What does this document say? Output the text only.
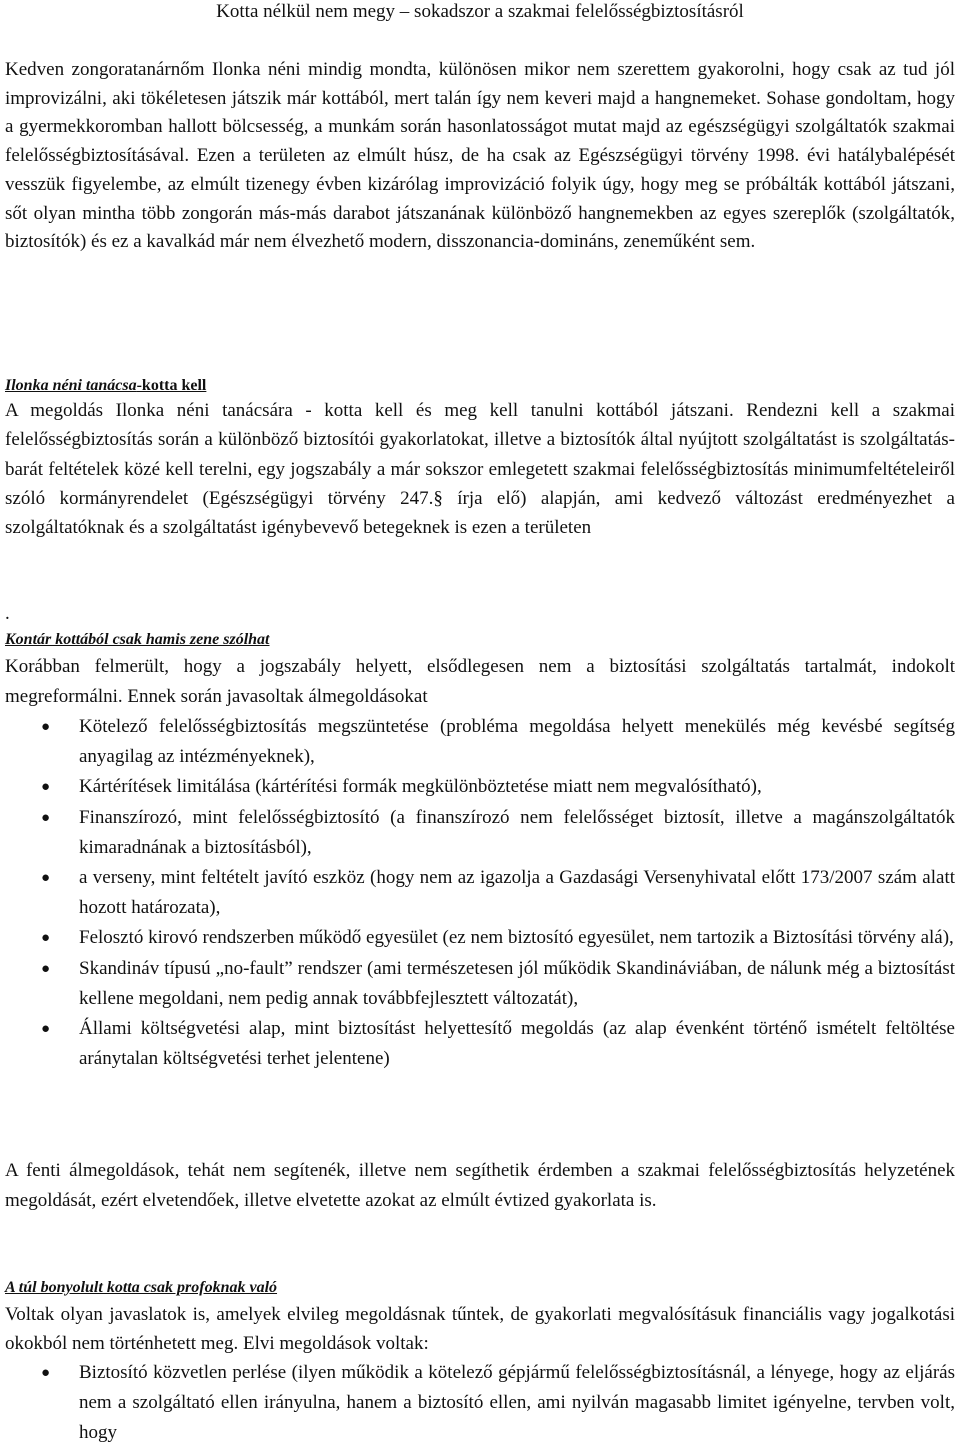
Kotta nélkül nem megy – sokadszor a szakmai felelősségbiztosításról

Kedven zongoratanárnőm Ilonka néni mindig mondta, különösen mikor nem szerettem gyakorolni, hogy csak az tud jól improvizálni, aki tökéletesen játszik már kottából, mert talán így nem keveri majd a hangnemeket. Sohase gondoltam, hogy a gyermekkoromban hallott bölcsesség, a munkám során hasonlatosságot mutat majd az egészségügyi szolgáltatók szakmai felelősségbiztosításával. Ezen a területen az elmúlt húsz, de ha csak az Egészségügyi törvény 1998. évi hatálybalépését vesszük figyelembe, az elmúlt tizenegy évben kizárólag improvizáció folyik úgy, hogy meg se próbálták kottából játszani, sőt olyan mintha több zongorán más-más darabot játszanának különböző hangnemekben az egyes szereplők (szolgáltatók, biztosítók) és ez a kavalkád már nem élvezhető modern, disszonancia-domináns, zeneműként sem.

Ilonka néni tanácsa-kotta kell

A megoldás Ilonka néni tanácsára - kotta kell és meg kell tanulni kottából játszani. Rendezni kell a szakmai felelősségbiztosítás során a különböző biztosítói gyakorlatokat, illetve a biztosítók által nyújtott szolgáltatást is szolgáltatás-barát feltételek közé kell terelni, egy jogszabály a már sokszor emlegetett szakmai felelősségbiztosítás minimumfeltételeiről szóló kormányrendelet (Egészségügyi törvény 247.§ írja elő) alapján, ami kedvező változást eredményezhet a szolgáltatóknak és a szolgáltatást igénybevevő betegeknek is ezen a területen

.
Kontár kottából csak hamis zene szólhat

Korábban felmerült, hogy a jogszabály helyett, elsődlegesen nem a biztosítási szolgáltatás tartalmát, indokolt megreformálni. Ennek során javasoltak álmegoldásokat

● Kötelező felelősségbiztosítás megszüntetése (probléma megoldása helyett menekülés még kevésbé segítség anyagilag az intézményeknek),
● Kártérítések limitálása (kártérítési formák megkülönböztetése miatt nem megvalósítható),
● Finanszírozó, mint felelősségbiztosító (a finanszírozó nem felelősséget biztosít, illetve a magánszolgáltatók kimaradnának a biztosításból),
● a verseny, mint feltételt javító eszköz (hogy nem az igazolja a Gazdasági Versenyhivatal előtt 173/2007 szám alatt hozott határozata),
● Felosztó kirovó rendszerben működő egyesület (ez nem biztosító egyesület, nem tartozik a Biztosítási törvény alá),
● Skandináv típusú „no-fault” rendszer (ami természetesen jól működik Skandináviában, de nálunk még a biztosítást kellene megoldani, nem pedig annak továbbfejlesztett változatát),
● Állami költségvetési alap, mint biztosítást helyettesítő megoldás (az alap évenként történő ismételt feltöltése aránytalan költségvetési terhet jelentene)

A fenti álmegoldások, tehát nem segítenék, illetve nem segíthetik érdemben a szakmai felelősségbiztosítás helyzetének megoldását, ezért elvetendőek, illetve elvetette azokat az elmúlt évtized gyakorlata is.

A túl bonyolult kotta csak profoknak való

Voltak olyan javaslatok is, amelyek elvileg megoldásnak tűntek, de gyakorlati megvalósításuk financiális vagy jogalkotási okokból nem történhetett meg. Elvi megoldások voltak:

● Biztosító közvetlen perlése (ilyen működik a kötelező gépjármű felelősségbiztosításnál, a lényege, hogy az eljárás nem a szolgáltató ellen irányulna, hanem a biztosító ellen, ami nyilván magasabb limitet igényelne, tervben volt, hogy
